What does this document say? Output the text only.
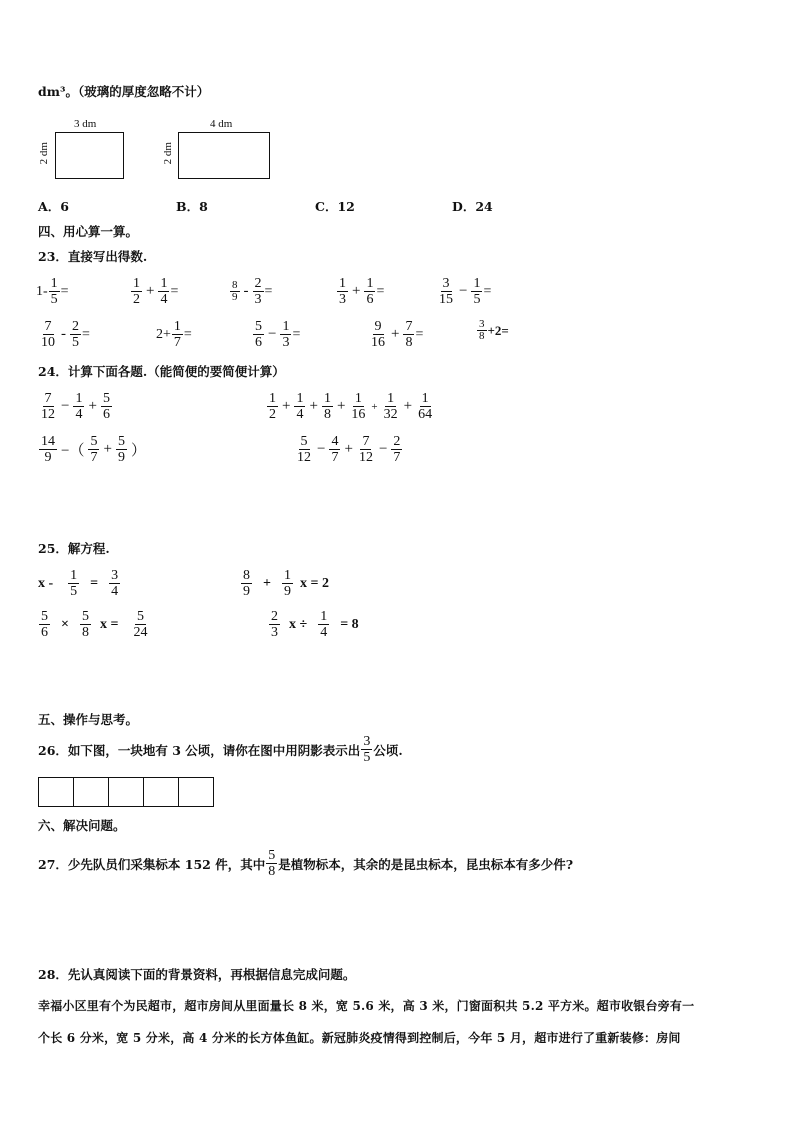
dm³。（玻璃的厚度忽略不计）
3 dm
2 dm
4 dm
2 dm
A．6	B．8	C．12	D．24
四、用心算一算。
23．直接写出得数.
$1- \frac{1}{5}$ =	$\frac{1}{2} + \frac{1}{4}$ =	$\frac{8}{9} - \frac{2}{3}$ =	$\frac{1}{3} + \frac{1}{6}$ =	$\frac{3}{15} - \frac{1}{5}$ =
$\frac{7}{10} - \frac{2}{5}$ =	$2+ \frac{1}{7}$ =	$\frac{5}{6} - \frac{1}{3}$ =	$\frac{9}{16} + \frac{7}{8}$ =	$\frac{3}{8} +2=$
24．计算下面各题.（能简便的要简便计算）
$\frac{7}{12} - \frac{1}{4} + \frac{5}{6}$	$\frac{1}{2} + \frac{1}{4} + \frac{1}{8} + \frac{1}{16} + \frac{1}{32} + \frac{1}{64}$
$\frac{14}{9}$ −（ $\frac{5}{7} + \frac{5}{9}$ ）	$\frac{5}{12} - \frac{4}{7} + \frac{7}{12} - \frac{2}{7}$
25．解方程.
$x - \frac{1}{5} = \frac{3}{4}$	$\frac{8}{9} + \frac{1}{9}$ x = 2
$\frac{5}{6} \times \frac{5}{8}$ $x = \frac{5}{24}$	$\frac{2}{3}$ $x \div \frac{1}{4} = 8$
五、操作与思考。
26．如下图，一块地有 3 公顷，请你在图中用阴影表示出 $\frac{3}{5}$ 公顷.
六、解决问题。
27．少先队员们采集标本 152 件，其中 $\frac{5}{8}$ 是植物标本，其余的是昆虫标本，昆虫标本有多少件?
28．先认真阅读下面的背景资料，再根据信息完成问题。
幸福小区里有个为民超市，超市房间从里面量长 8 米，宽 5.6 米，高 3 米，门窗面积共 5.2 平方米。超市收银台旁有一
个长 6 分米，宽 5 分米，高 4 分米的长方体鱼缸。新冠肺炎疫情得到控制后，今年 5 月，超市进行了重新装修：房间
